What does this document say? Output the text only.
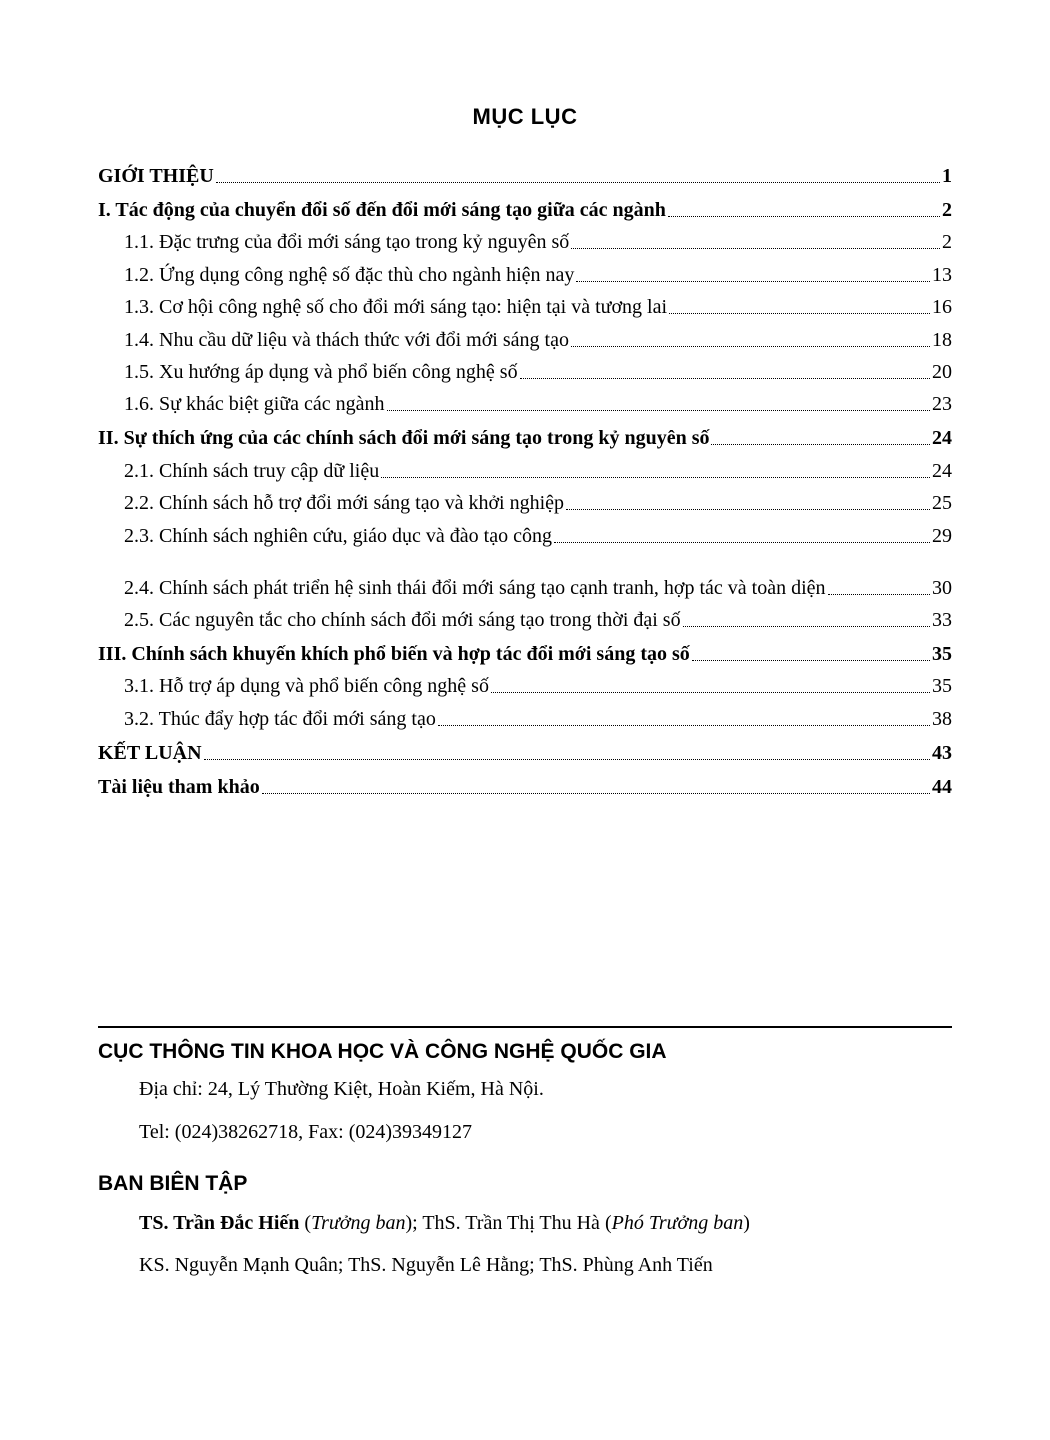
MỤC LỤC
GIỚI THIỆU	1
I. Tác động của chuyển đổi số đến đổi mới sáng tạo giữa các ngành	2
1.1. Đặc trưng của đổi mới sáng tạo trong kỷ nguyên số	2
1.2. Ứng dụng công nghệ số đặc thù cho ngành hiện nay	13
1.3. Cơ hội công nghệ số cho đổi mới sáng tạo: hiện tại và tương lai	16
1.4. Nhu cầu dữ liệu và thách thức với đổi mới sáng tạo	18
1.5. Xu hướng áp dụng và phổ biến công nghệ số	20
1.6. Sự khác biệt giữa các ngành	23
II. Sự thích ứng của các chính sách đổi mới sáng tạo trong kỷ nguyên số	24
2.1. Chính sách truy cập dữ liệu	24
2.2. Chính sách hỗ trợ đổi mới sáng tạo và khởi nghiệp	25
2.3. Chính sách nghiên cứu, giáo dục và đào tạo công	29
2.4. Chính sách phát triển hệ sinh thái đổi mới sáng tạo cạnh tranh, hợp tác và toàn diện	30
2.5. Các nguyên tắc cho chính sách đổi mới sáng tạo trong thời đại số	33
III. Chính sách khuyến khích phổ biến và hợp tác đổi mới sáng tạo số	35
3.1. Hỗ trợ áp dụng và phổ biến công nghệ số	35
3.2. Thúc đẩy hợp tác đổi mới sáng tạo	38
KẾT LUẬN	43
Tài liệu tham khảo	44
CỤC THÔNG TIN KHOA HỌC VÀ CÔNG NGHỆ QUỐC GIA
Địa chỉ: 24, Lý Thường Kiệt, Hoàn Kiếm, Hà Nội.
Tel: (024)38262718, Fax: (024)39349127
BAN BIÊN TẬP
TS. Trần Đắc Hiến (Trưởng ban); ThS. Trần Thị Thu Hà (Phó Trưởng ban)
KS. Nguyễn Mạnh Quân; ThS. Nguyễn Lê Hằng; ThS. Phùng Anh Tiến
